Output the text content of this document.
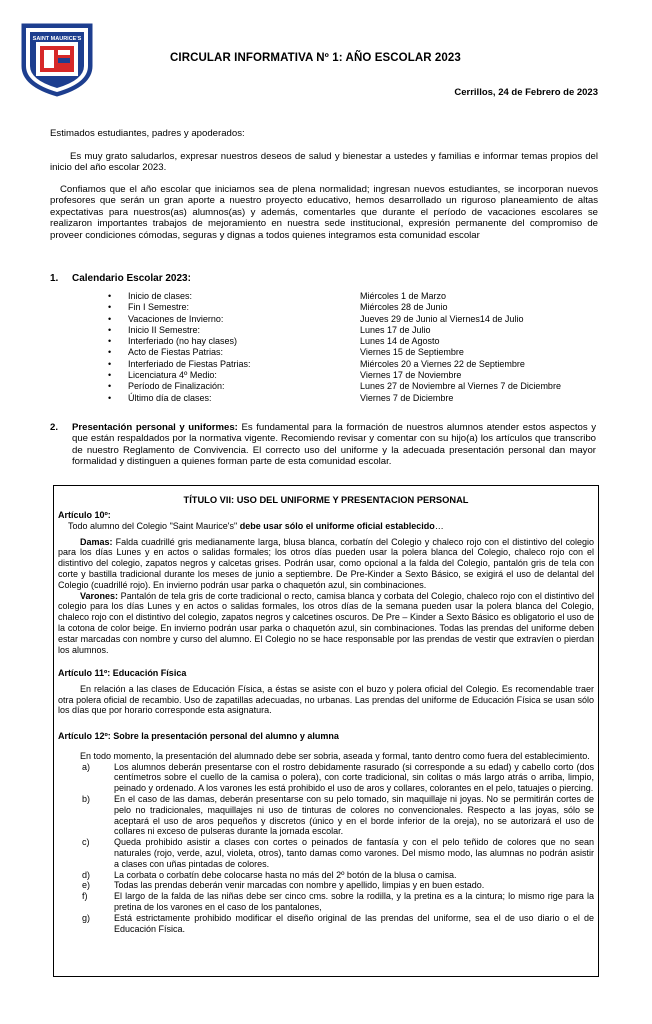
SAINT MAURICE'S
CIRCULAR INFORMATIVA Nº 1: AÑO ESCOLAR 2023
Cerrillos, 24 de Febrero de 2023
Estimados estudiantes, padres y apoderados:
Es muy grato saludarlos, expresar nuestros deseos de salud y bienestar a ustedes y familias e informar temas propios del inicio del año escolar 2023.
Confiamos que el año escolar que iniciamos sea de plena normalidad; ingresan nuevos estudiantes, se incorporan nuevos profesores que serán un gran aporte a nuestro proyecto educativo, hemos desarrollado un riguroso planeamiento de altas expectativas para nuestros(as) alumnos(as) y además, comentarles que durante el período de vacaciones escolares se realizaron importantes trabajos de mejoramiento en nuestra sede institucional, expresión permanente del compromiso de proveer condiciones cómodas, seguras y dignas a todos quienes integramos esta comunidad escolar
1. Calendario Escolar 2023:
•	Inicio de clases:	Miércoles 1 de Marzo
•	Fin I Semestre:	Miércoles 28 de Junio
•	Vacaciones de Invierno:	Jueves 29 de Junio al Viernes14 de Julio
•	Inicio II Semestre:	Lunes 17 de Julio
•	Interferiado (no hay clases)	Lunes 14 de Agosto
•	Acto de Fiestas Patrias:	Viernes 15 de Septiembre
•	Interferiado de Fiestas Patrias:	Miércoles 20 a Viernes 22 de Septiembre
•	Licenciatura 4º Medio:	Viernes 17 de Noviembre
•	Período de Finalización:	Lunes 27 de Noviembre al Viernes 7 de Diciembre
•	Último día de clases:	Viernes 7 de Diciembre
2. Presentación personal y uniformes: Es fundamental para la formación de nuestros alumnos atender estos aspectos y que están respaldados por la normativa vigente. Recomiendo revisar y comentar con su hijo(a) los artículos que transcribo de nuestro Reglamento de Convivencia. El correcto uso del uniforme y la adecuada presentación personal dan mayor formalidad y distinguen a quienes forman parte de esta comunidad escolar.
TÍTULO VII: USO DEL UNIFORME Y PRESENTACION PERSONAL
Artículo 10º:
Todo alumno del Colegio "Saint Maurice's" debe usar sólo el uniforme oficial establecido…
Damas: Falda cuadrillé gris medianamente larga, blusa blanca, corbatín del Colegio y chaleco rojo con el distintivo del colegio para los días Lunes y en actos o salidas formales; los otros días pueden usar la polera blanca del Colegio, chaleco rojo con el distintivo del colegio, zapatos negros y calcetas grises. Podrán usar, como opcional a la falda del Colegio, pantalón gris de tela con corte y bastilla tradicional durante los meses de junio a septiembre. De Pre-Kinder a Sexto Básico, se exigirá el uso de delantal del Colegio (cuadrillé rojo). En invierno podrán usar parka o chaquetón azul, sin combinaciones.
Varones: Pantalón de tela gris de corte tradicional o recto, camisa blanca y corbata del Colegio, chaleco rojo con el distintivo del colegio para los días Lunes y en actos o salidas formales, los otros días de la semana pueden usar la polera blanca del Colegio, chaleco rojo con el distintivo del colegio, zapatos negros y calcetines oscuros. De Pre – Kinder a Sexto Básico es obligatorio el uso de la cotona de color beige. En invierno podrán usar parka o chaquetón azul, sin combinaciones. Todas las prendas del uniforme deben estar marcadas con nombre y curso del alumno. El Colegio no se hace responsable por las prendas de vestir que extravíen o pierdan los alumnos.
Artículo 11º: Educación Física
En relación a las clases de Educación Física, a éstas se asiste con el buzo y polera oficial del Colegio. Es recomendable traer otra polera oficial de recambio. Uso de zapatillas adecuadas, no urbanas. Las prendas del uniforme de Educación Física se usan sólo los días que por horario corresponde esta asignatura.
Artículo 12º: Sobre la presentación personal del alumno y alumna
En todo momento, la presentación del alumnado debe ser sobria, aseada y formal, tanto dentro como fuera del establecimiento.
a)	Los alumnos deberán presentarse con el rostro debidamente rasurado (si corresponde a su edad) y cabello corto (dos centímetros sobre el cuello de la camisa o polera), con corte tradicional, sin colitas o más largo atrás o arriba, limpio, peinado y ordenado. A los varones les está prohibido el uso de aros y collares, colorantes en el pelo, tatuajes o piercing.
b)	En el caso de las damas, deberán presentarse con su pelo tomado, sin maquillaje ni joyas. No se permitirán cortes de pelo no tradicionales, maquillajes ni uso de tinturas de colores no convencionales. Respecto a las joyas, sólo se aceptará el uso de aros pequeños y discretos (único y en el borde inferior de la oreja), no se autorizará el uso de collares ni exceso de pulseras durante la jornada escolar.
c)	Queda prohibido asistir a clases con cortes o peinados de fantasía y con el pelo teñido de colores que no sean naturales (rojo, verde, azul, violeta, otros), tanto damas como varones. Del mismo modo, las alumnas no podrán asistir a clases con uñas pintadas de colores.
d)	La corbata o corbatín debe colocarse hasta no más del 2º botón de la blusa o camisa.
e)	Todas las prendas deberán venir marcadas con nombre y apellido, limpias y en buen estado.
f)	El largo de la falda de las niñas debe ser cinco cms. sobre la rodilla, y la pretina es a la cintura; lo mismo rige para la pretina de los varones en el caso de los pantalones,
g)	Está estrictamente prohibido modificar el diseño original de las prendas del uniforme, sea el de uso diario o el de Educación Física.
